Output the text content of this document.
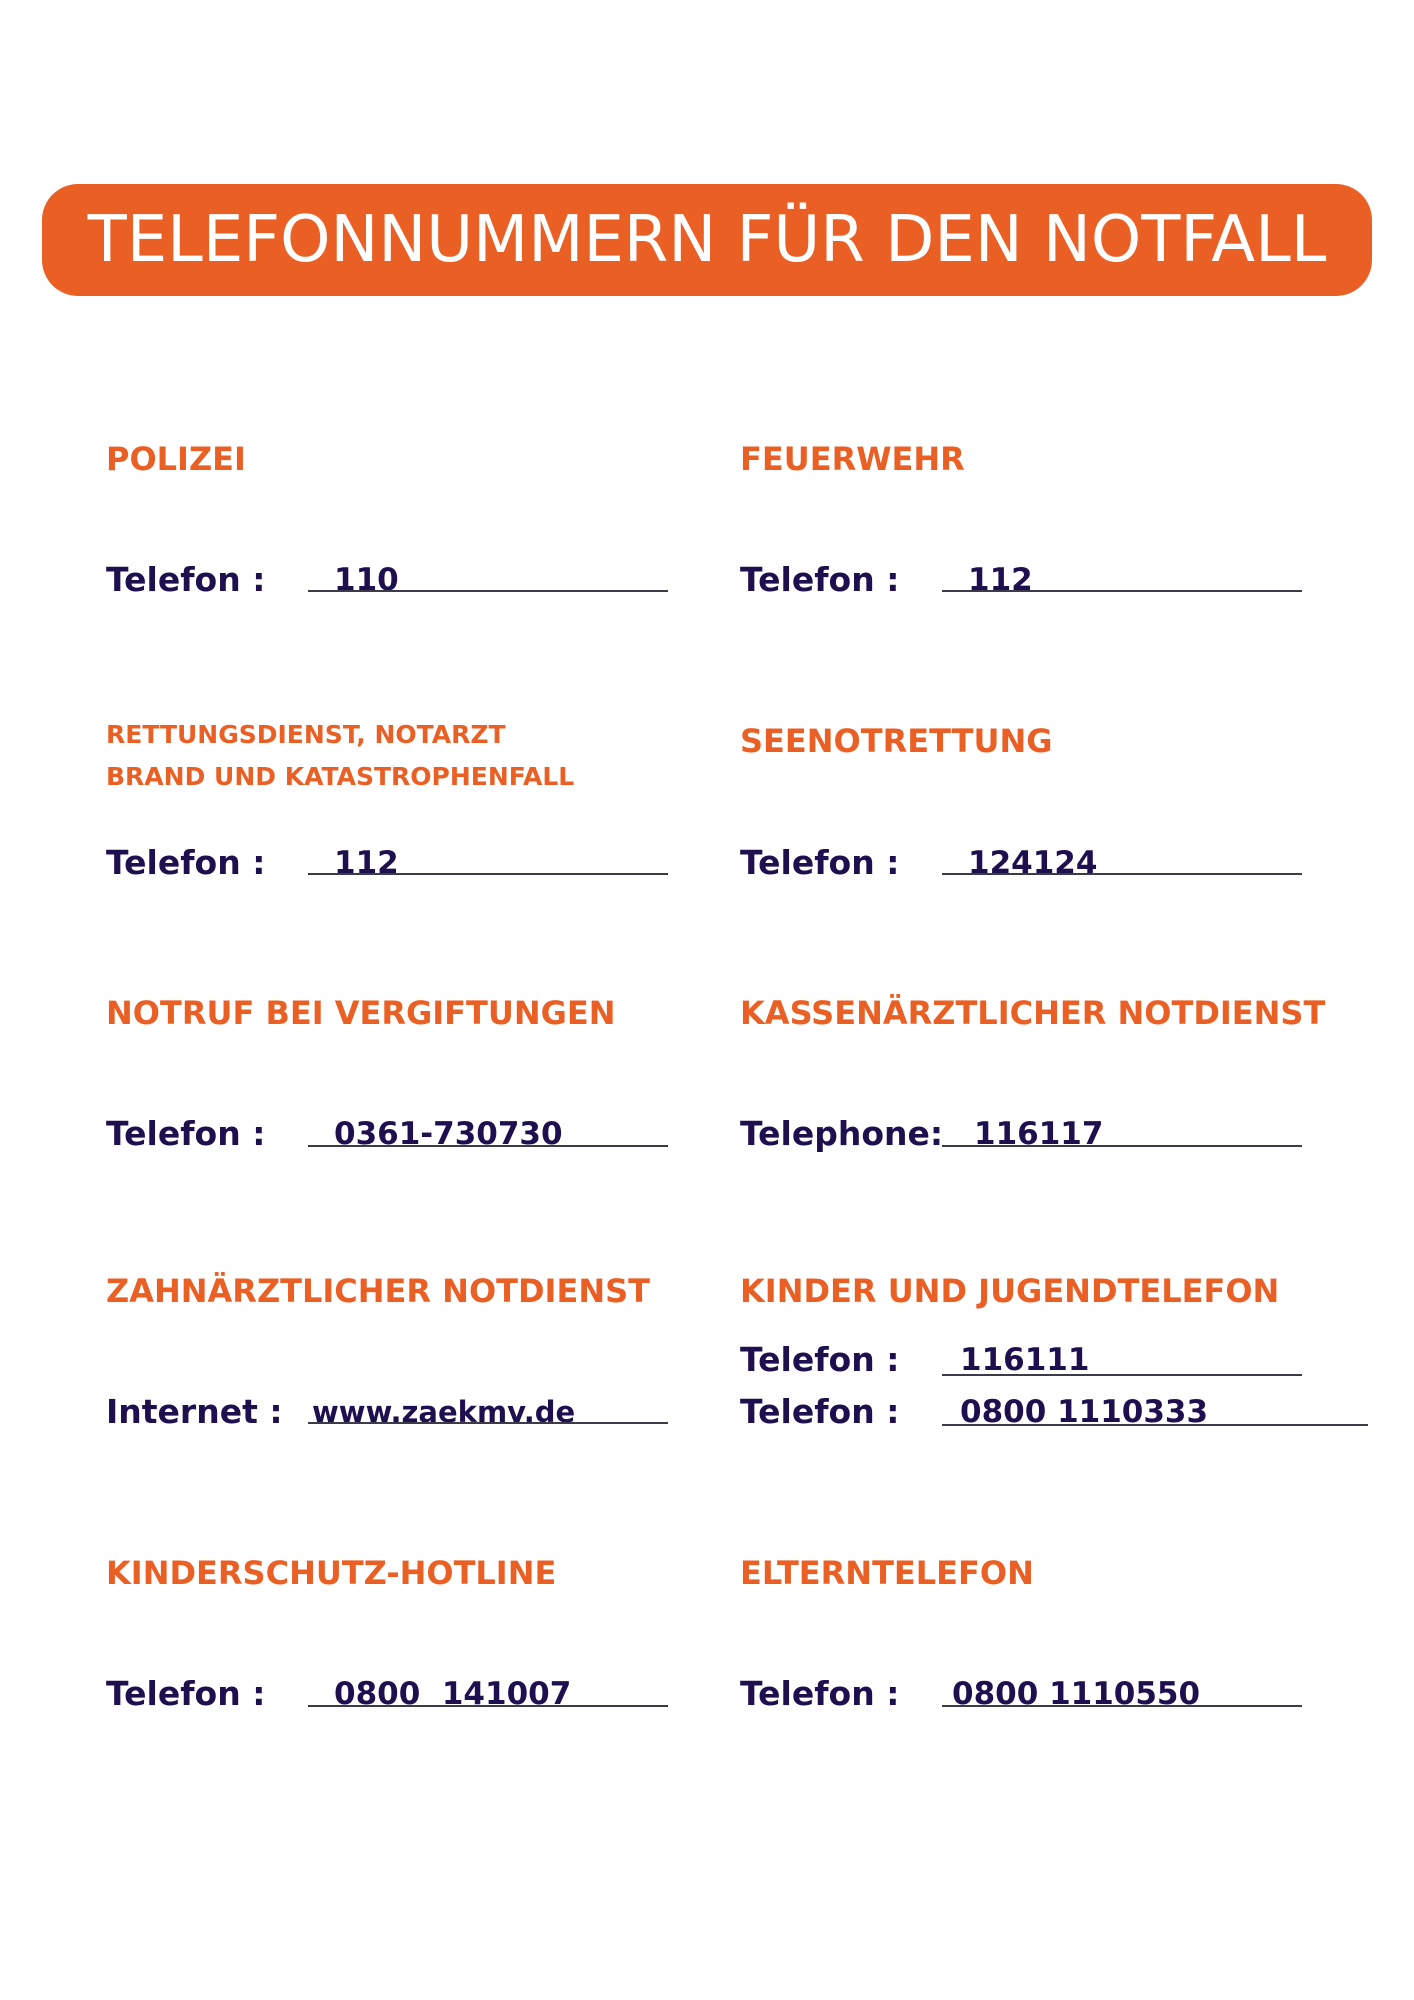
TELEFONNUMMERN FÜR DEN NOTFALL
POLIZEI
Telefon : 110
FEUERWEHR
Telefon : 112
RETTUNGSDIENST, NOTARZT
BRAND UND KATASTROPHENFALL
Telefon : 112
SEENOTRETTUNG
Telefon : 124124
NOTRUF BEI VERGIFTUNGEN
Telefon : 0361-730730
KASSENÄRZTLICHER NOTDIENST
Telephone: 116117
ZAHNÄRZTLICHER NOTDIENST
Internet : www.zaekmv.de
KINDER UND JUGENDTELEFON
Telefon : 116111
Telefon : 0800 1110333
KINDERSCHUTZ-HOTLINE
Telefon : 0800  141007
ELTERNTELEFON
Telefon : 0800 1110550
